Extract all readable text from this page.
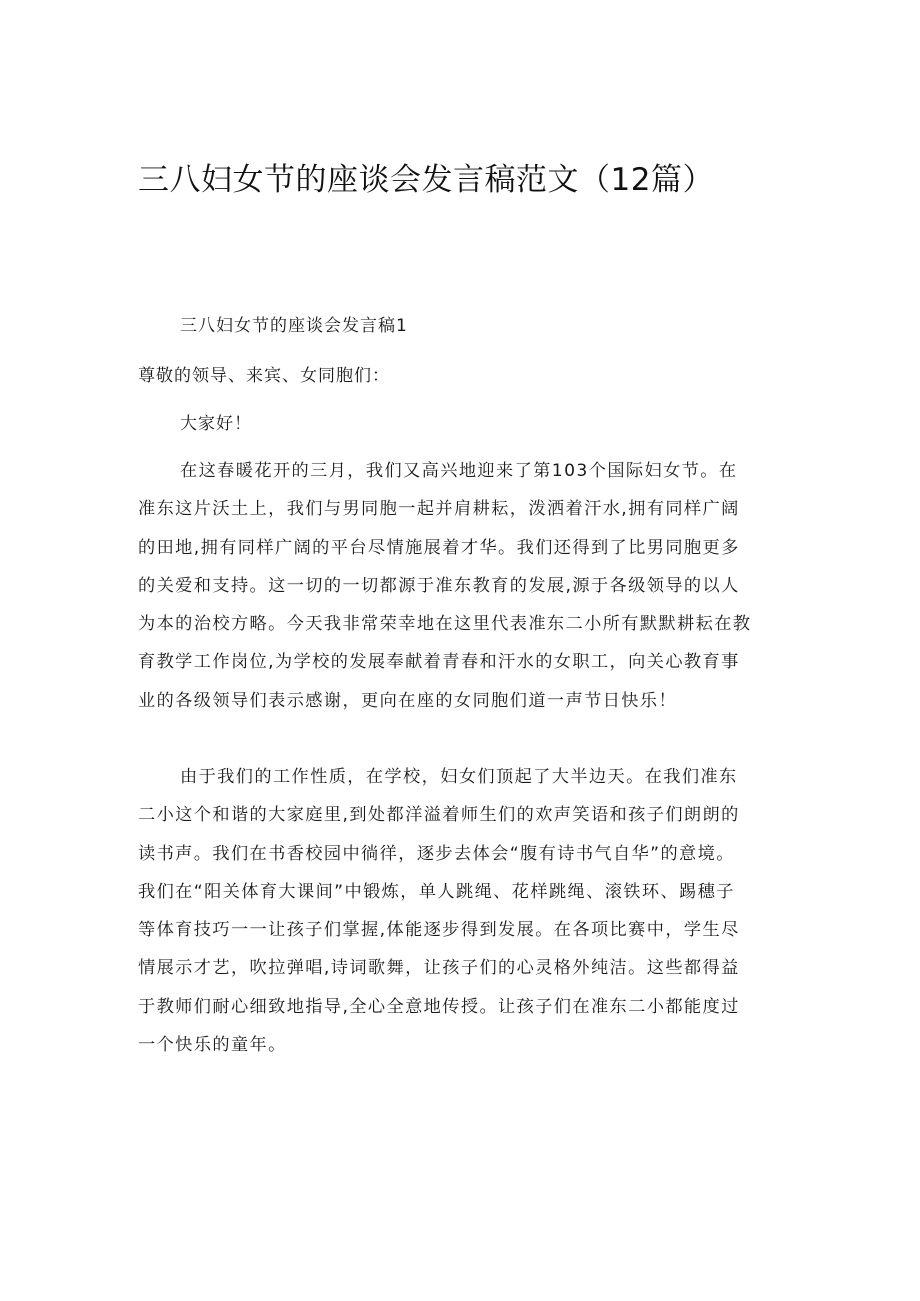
三八妇女节的座谈会发言稿范文（12篇）
三八妇女节的座谈会发言稿1
尊敬的领导、来宾、女同胞们：
大家好！
在这春暖花开的三月，我们又高兴地迎来了第103个国际妇女节。在
准东这片沃土上，我们与男同胞一起并肩耕耘，泼洒着汗水,拥有同样广阔
的田地,拥有同样广阔的平台尽情施展着才华。我们还得到了比男同胞更多
的关爱和支持。这一切的一切都源于准东教育的发展,源于各级领导的以人
为本的治校方略。今天我非常荣幸地在这里代表准东二小所有默默耕耘在教
育教学工作岗位,为学校的发展奉献着青春和汗水的女职工，向关心教育事
业的各级领导们表示感谢，更向在座的女同胞们道一声节日快乐！
由于我们的工作性质，在学校，妇女们顶起了大半边天。在我们准东
二小这个和谐的大家庭里,到处都洋溢着师生们的欢声笑语和孩子们朗朗的
读书声。我们在书香校园中徜徉，逐步去体会“腹有诗书气自华”的意境。
我们在“阳关体育大课间”中锻炼，单人跳绳、花样跳绳、滚铁环、踢穗子
等体育技巧一一让孩子们掌握,体能逐步得到发展。在各项比赛中，学生尽
情展示才艺，吹拉弹唱,诗词歌舞，让孩子们的心灵格外纯洁。这些都得益
于教师们耐心细致地指导,全心全意地传授。让孩子们在准东二小都能度过
一个快乐的童年。
